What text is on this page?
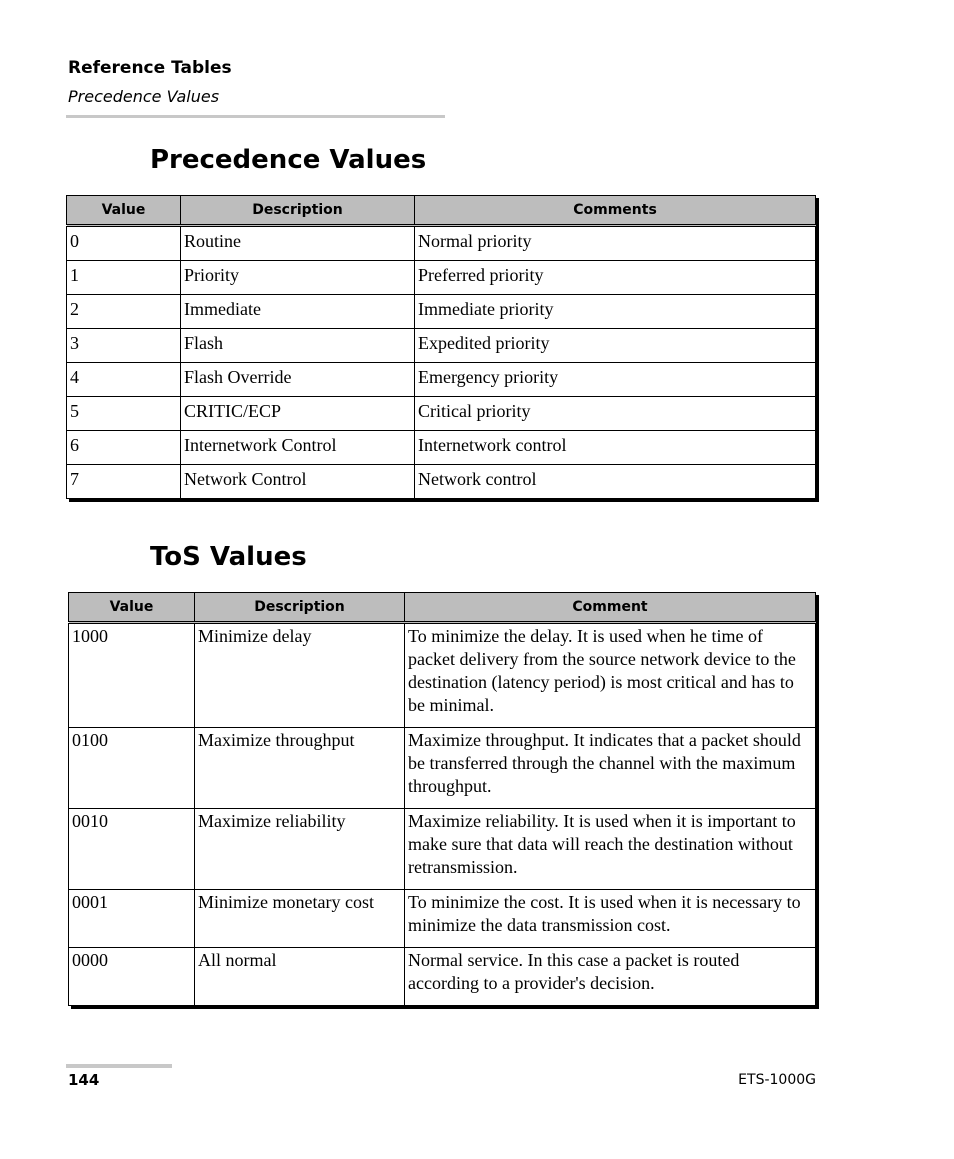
Reference Tables
Precedence Values
Precedence Values
Value	Description	Comments
0	Routine	Normal priority
1	Priority	Preferred priority
2	Immediate	Immediate priority
3	Flash	Expedited priority
4	Flash Override	Emergency priority
5	CRITIC/ECP	Critical priority
6	Internetwork Control	Internetwork control
7	Network Control	Network control
ToS Values
Value	Description	Comment
1000	Minimize delay	To minimize the delay. It is used when he time of packet delivery from the source network device to the destination (latency period) is most critical and has to be minimal.
0100	Maximize throughput	Maximize throughput. It indicates that a packet should be transferred through the channel with the maximum throughput.
0010	Maximize reliability	Maximize reliability. It is used when it is important to make sure that data will reach the destination without retransmission.
0001	Minimize monetary cost	To minimize the cost. It is used when it is necessary to minimize the data transmission cost.
0000	All normal	Normal service. In this case a packet is routed according to a provider's decision.
144	ETS-1000G
